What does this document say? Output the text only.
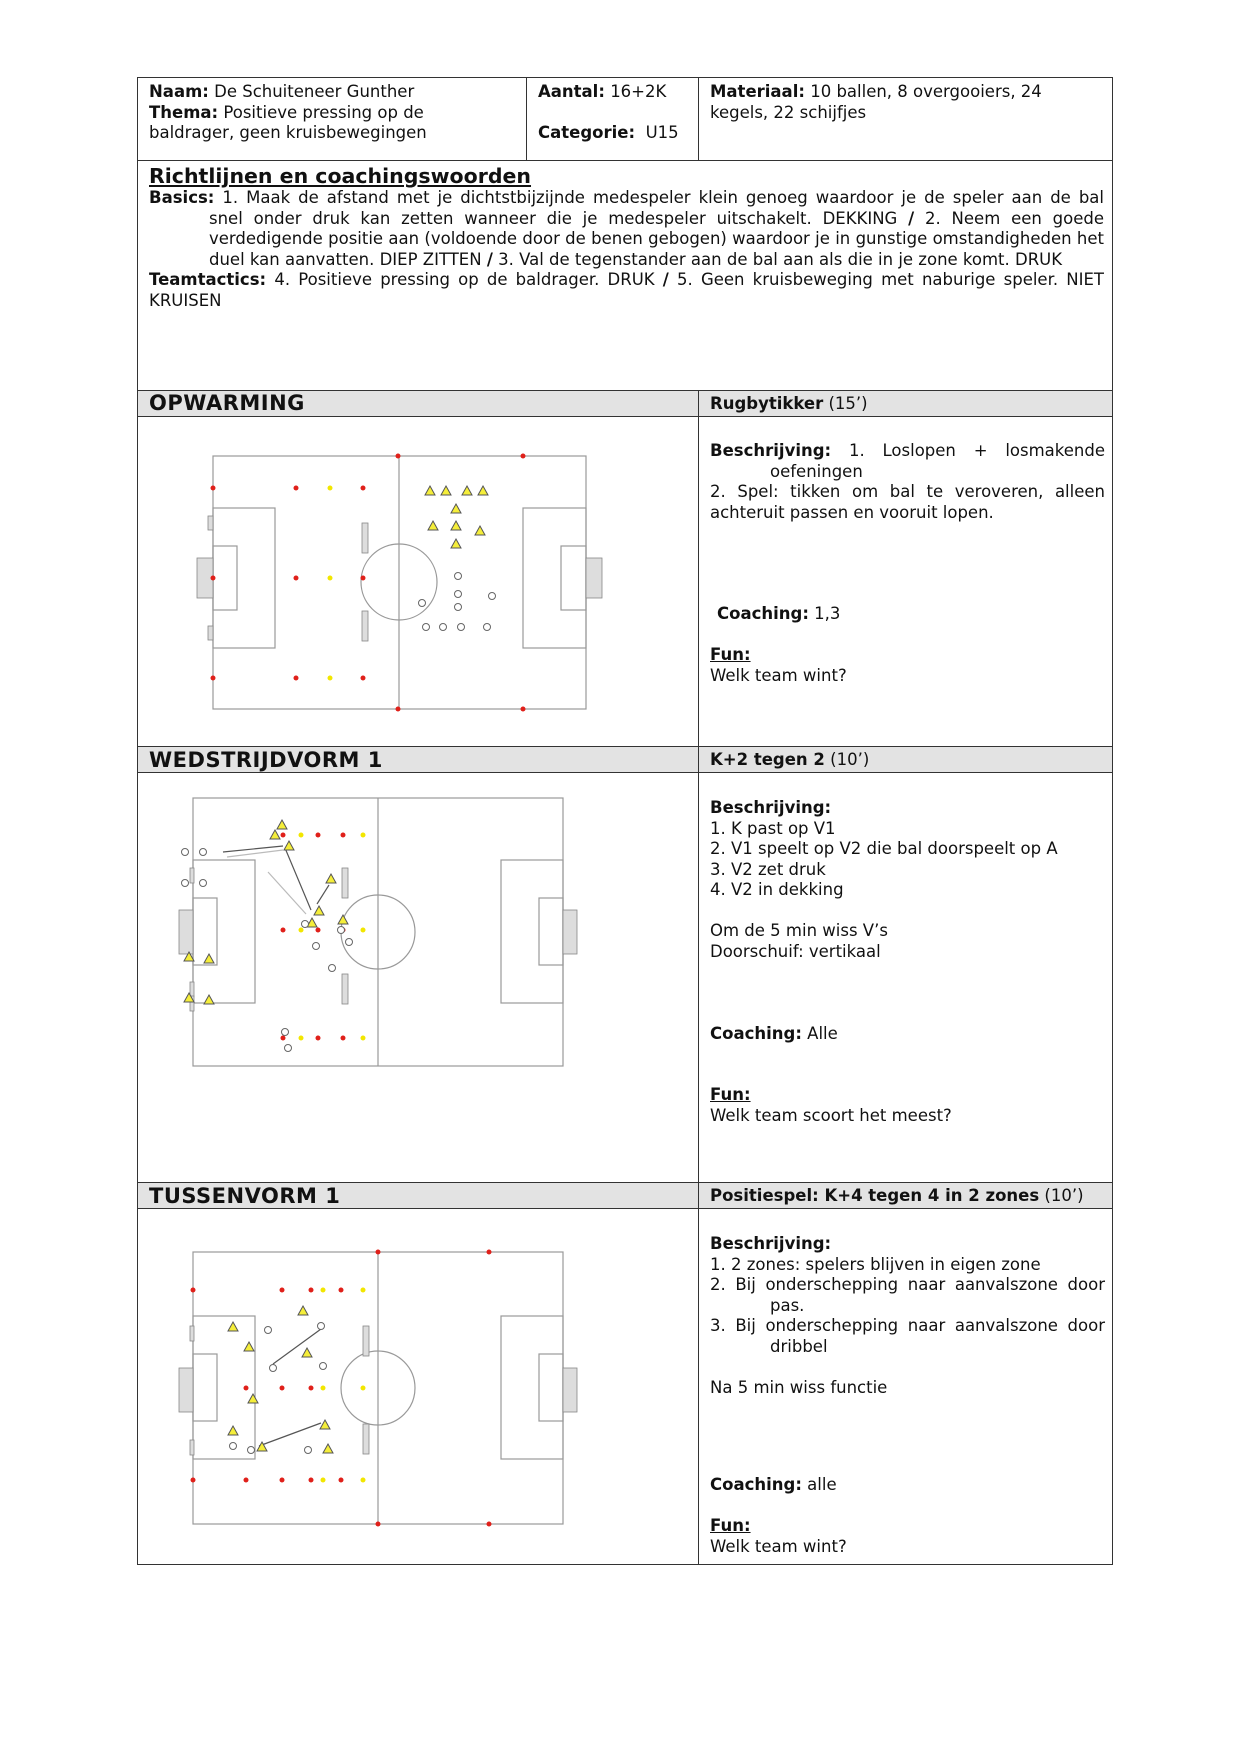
Naam: De Schuiteneer Gunther
Thema: Positieve pressing op de
baldrager, geen kruisbewegingen
Aantal: 16+2K
Categorie: U15
Materiaal: 10 ballen, 8 overgooiers, 24
kegels, 22 schijfjes
Richtlijnen en coachingswoorden
Basics: 1. Maak de afstand met je dichtstbijzijnde medespeler klein genoeg waardoor je de speler aan de bal
snel onder druk kan zetten wanneer die je medespeler uitschakelt. DEKKING / 2. Neem een goede
verdedigende positie aan (voldoende door de benen gebogen) waardoor je in gunstige omstandigheden het
duel kan aanvatten. DIEP ZITTEN / 3. Val de tegenstander aan de bal aan als die in je zone komt. DRUK
Teamtactics: 4. Positieve pressing op de baldrager. DRUK / 5. Geen kruisbeweging met naburige speler. NIET
KRUISEN
OPWARMING	Rugbytikker (15’)
WEDSTRIJDVORM 1	K+2 tegen 2 (10’)
TUSSENVORM 1	Positiespel: K+4 tegen 4 in 2 zones (10’)
Beschrijving: 1. Loslopen + losmakende
oefeningen
2. Spel: tikken om bal te veroveren, alleen
achteruit passen en vooruit lopen.
Coaching: 1,3
Fun:
Welk team wint?
Beschrijving:
1. K past op V1
2. V1 speelt op V2 die bal doorspeelt op A
3. V2 zet druk
4. V2 in dekking
Om de 5 min wiss V’s
Doorschuif: vertikaal
Coaching: Alle
Fun:
Welk team scoort het meest?
Beschrijving:
1. 2 zones: spelers blijven in eigen zone
2. Bij onderschepping naar aanvalszone door
pas.
3. Bij onderschepping naar aanvalszone door
dribbel
Na 5 min wiss functie
Coaching: alle
Fun:
Welk team wint?
